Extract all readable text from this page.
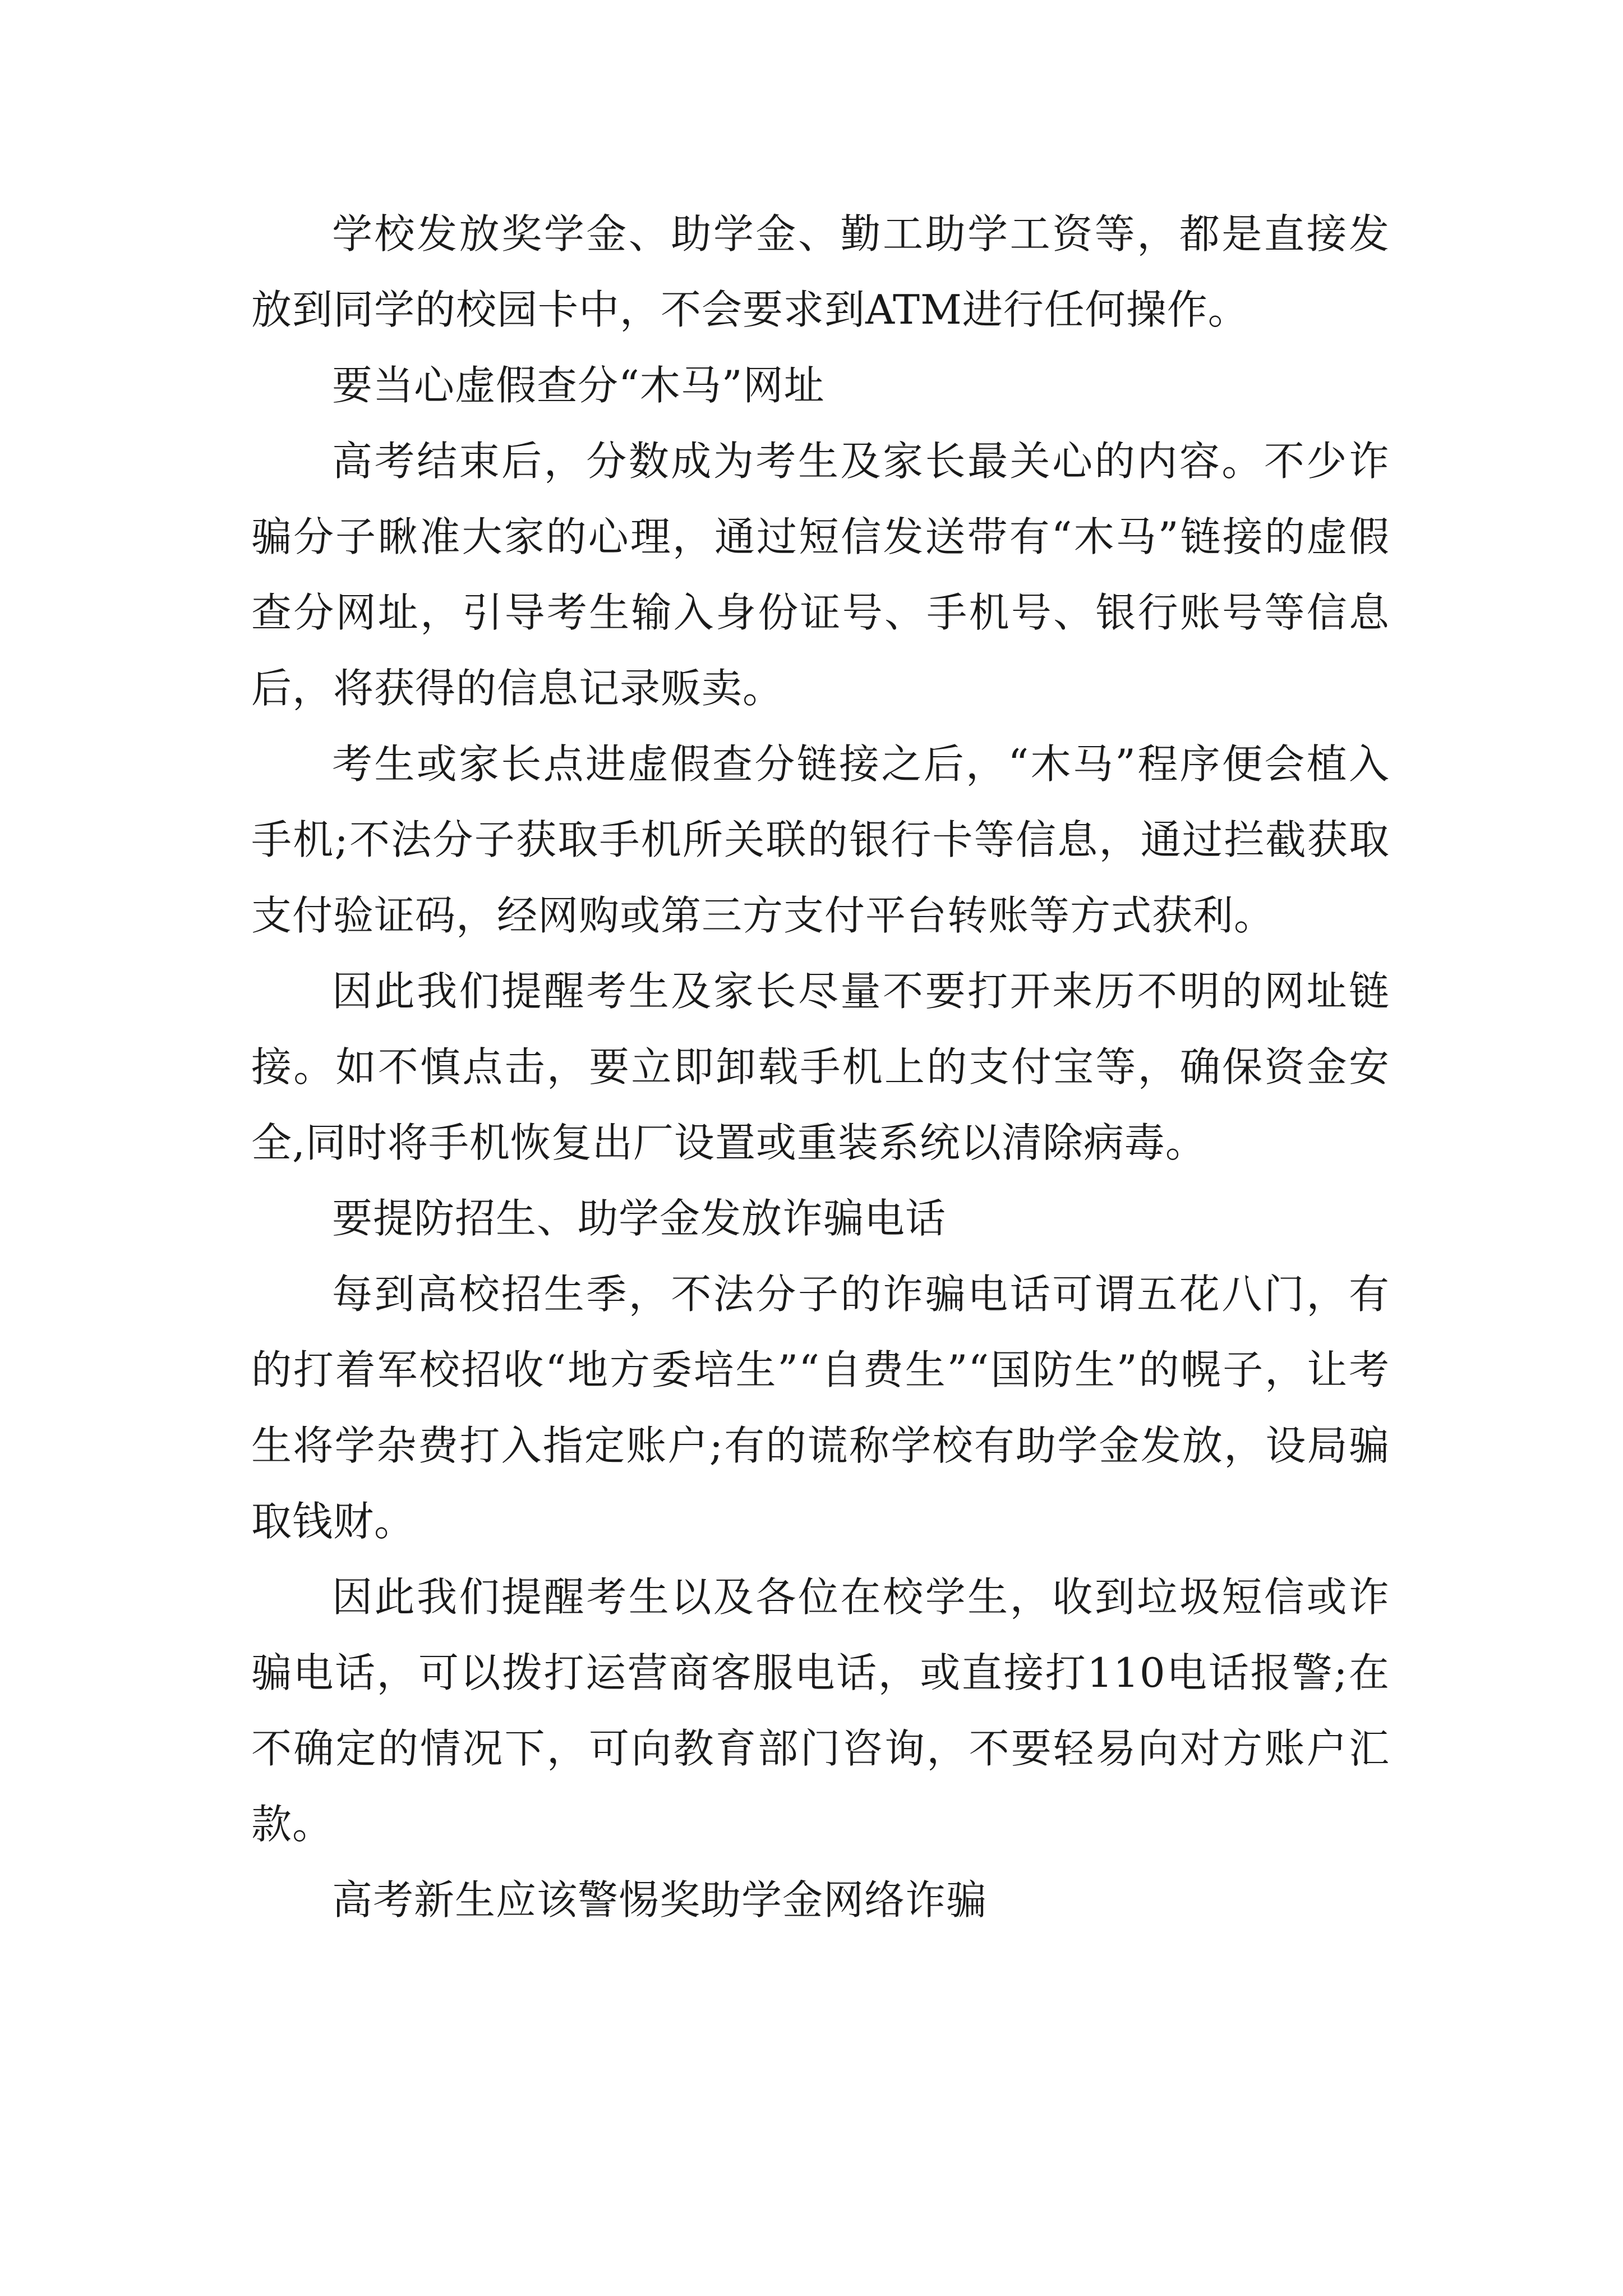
学校发放奖学金、助学金、勤工助学工资等，都是直接发放到同学的校园卡中，不会要求到ATM进行任何操作。

要当心虚假查分“木马”网址

高考结束后，分数成为考生及家长最关心的内容。不少诈骗分子瞅准大家的心理，通过短信发送带有“木马”链接的虚假查分网址，引导考生输入身份证号、手机号、银行账号等信息后，将获得的信息记录贩卖。

考生或家长点进虚假查分链接之后，“木马”程序便会植入手机;不法分子获取手机所关联的银行卡等信息，通过拦截获取支付验证码，经网购或第三方支付平台转账等方式获利。

因此我们提醒考生及家长尽量不要打开来历不明的网址链接。如不慎点击，要立即卸载手机上的支付宝等，确保资金安全,同时将手机恢复出厂设置或重装系统以清除病毒。

要提防招生、助学金发放诈骗电话

每到高校招生季，不法分子的诈骗电话可谓五花八门，有的打着军校招收“地方委培生”“自费生”“国防生”的幌子，让考生将学杂费打入指定账户;有的谎称学校有助学金发放，设局骗取钱财。

因此我们提醒考生以及各位在校学生，收到垃圾短信或诈骗电话，可以拨打运营商客服电话，或直接打110电话报警;在不确定的情况下，可向教育部门咨询，不要轻易向对方账户汇款。

高考新生应该警惕奖助学金网络诈骗
